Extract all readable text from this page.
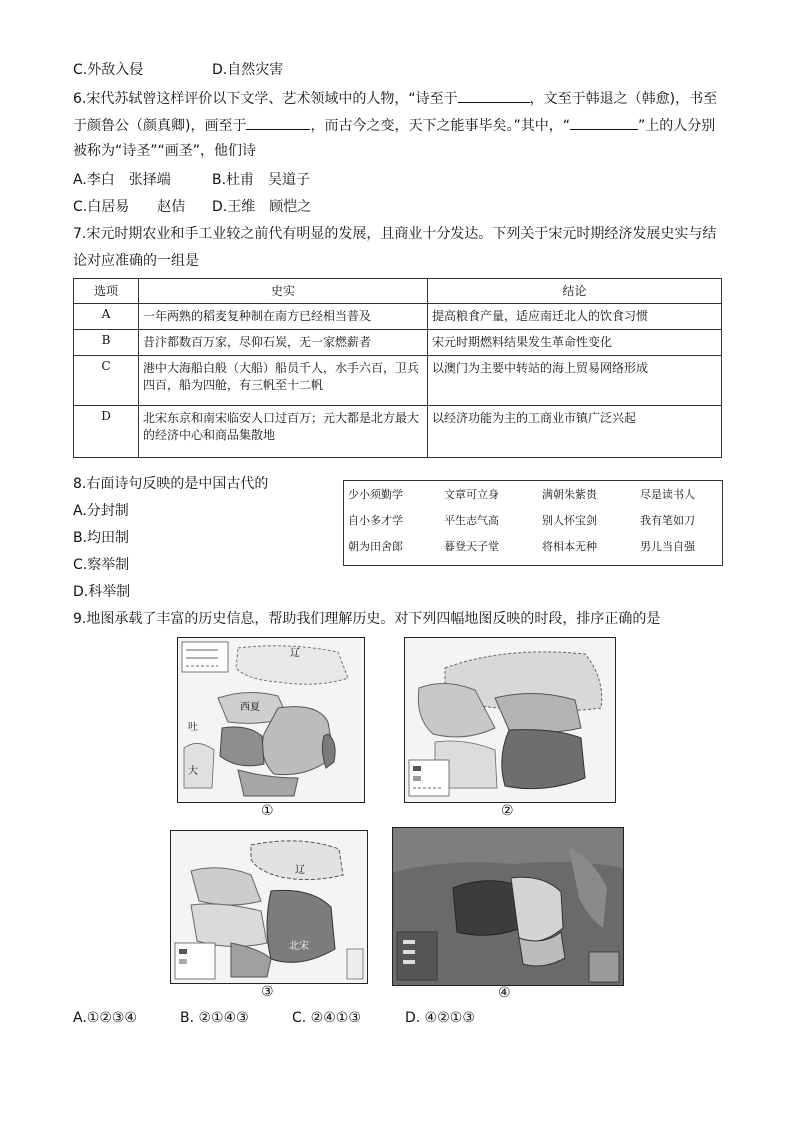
C.外敌入侵	D.自然灾害
6.宋代苏轼曾这样评价以下文学、艺术领域中的人物，“诗至于	，文至于韩退之（韩愈)，书至
于颜鲁公（颜真卿)，画至于	，而古今之变，天下之能事毕矣。”其中，“	”上的人分别
被称为“诗圣”“画圣”，他们诗
A.李白　张择端	B.杜甫　吴道子
C.白居易　　赵佶 D.王维　顾恺之
7.宋元时期农业和手工业较之前代有明显的发展，且商业十分发达。下列关于宋元时期经济发展史实与结
论对应准确的一组是
选项	史实	结论
A	一年两熟的稻麦复种制在南方已经相当普及	提高粮食产量，适应南迁北人的饮食习惯
B	昔汴都数百万家，尽仰石炭，无一家燃薪者	宋元时期燃料结果发生革命性变化
C	港中大海船白般（大船）船员千人，水手六百，卫兵四百，船为四舱，有三帆至十二帆	以澳门为主要中转站的海上贸易网络形成
D	北宋东京和南宋临安人口过百万；元大都是北方最大的经济中心和商品集散地	以经济功能为主的工商业市镇广泛兴起
8.右面诗句反映的是中国古代的
A.分封制
B.均田制
C.察举制
D.科举制
少小须勤学	文章可立身	满朝朱紫贵	尽是读书人
自小多才学	平生志气高	别人怀宝剑	我有笔如刀
朝为田舍郎	暮登天子堂	将相本无种	男儿当自强
9.地图承载了丰富的历史信息，帮助我们理解历史。对下列四幅地图反映的时段，排序正确的是
辽
西夏
吐
大
①	②
辽
北宋
③	④
A.①②③④	B. ②①④③	C. ②④①③	D. ④②①③
